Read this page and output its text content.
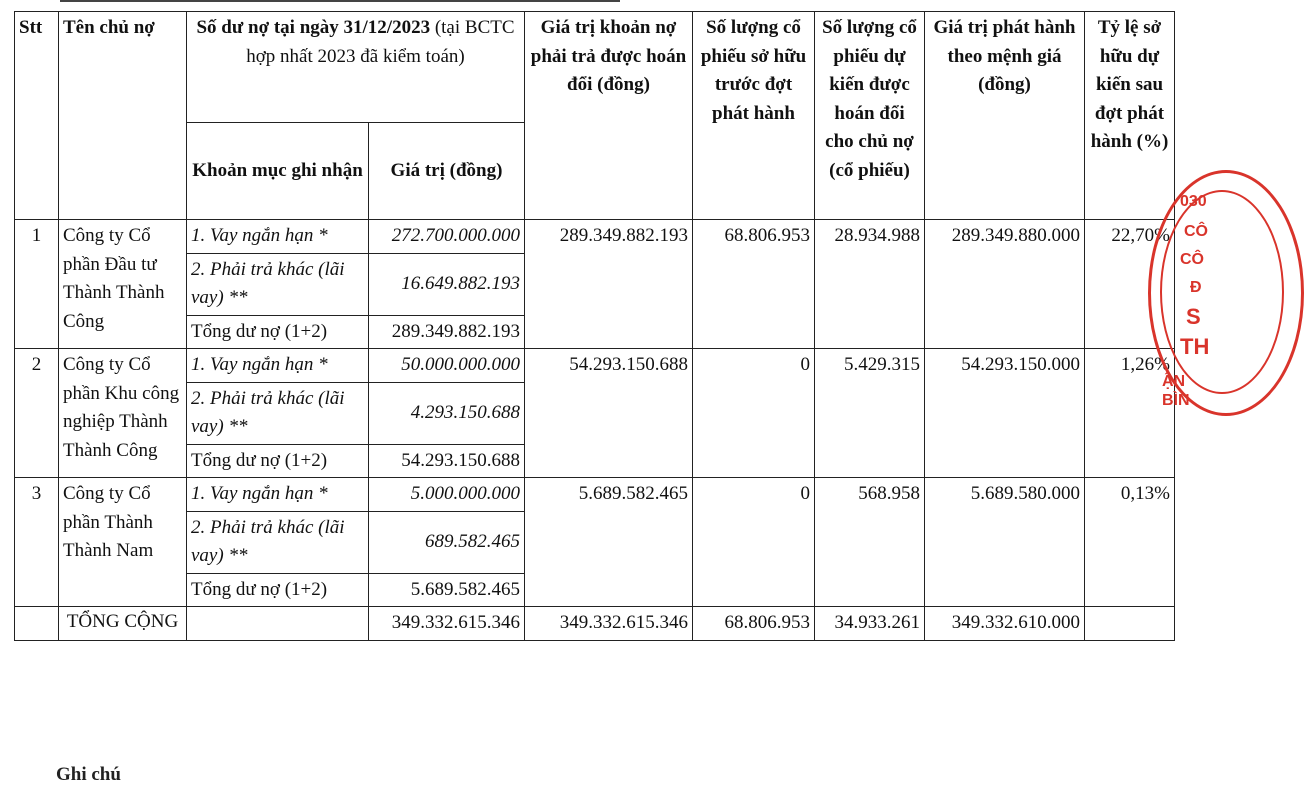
Stt	Tên chủ nợ	Số dư nợ tại ngày 31/12/2023 (tại BCTC hợp nhất 2023 đã kiểm toán)		Giá trị khoản nợ phải trả được hoán đổi (đồng)	Số lượng cổ phiếu sở hữu trước đợt phát hành	Số lượng cổ phiếu dự kiến được hoán đổi cho chủ nợ (cổ phiếu)	Giá trị phát hành theo mệnh giá (đồng)	Tỷ lệ sở hữu dự kiến sau đợt phát hành (%)
		Khoản mục ghi nhận	Giá trị (đồng)					
1	Công ty Cổ phần Đầu tư Thành Thành Công	1. Vay ngắn hạn *	272.700.000.000	289.349.882.193	68.806.953	28.934.988	289.349.880.000	22,70%
		2. Phải trả khác (lãi vay) **	16.649.882.193					
		Tổng dư nợ (1+2)	289.349.882.193					
2	Công ty Cổ phần Khu công nghiệp Thành Thành Công	1. Vay ngắn hạn *	50.000.000.000	54.293.150.688	0	5.429.315	54.293.150.000	1,26%
		2. Phải trả khác (lãi vay) **	4.293.150.688					
		Tổng dư nợ (1+2)	54.293.150.688					
3	Công ty Cổ phần Thành Thành Nam	1. Vay ngắn hạn *	5.000.000.000	5.689.582.465	0	568.958	5.689.580.000	0,13%
		2. Phải trả khác (lãi vay) **	689.582.465					
		Tổng dư nợ (1+2)	5.689.582.465					
	TỔNG CỘNG		349.332.615.346	349.332.615.346	68.806.953	34.933.261	349.332.610.000	
030
CÔ
CÔ
Đ
S
TH
ẬN BÌN
Ghi chú
